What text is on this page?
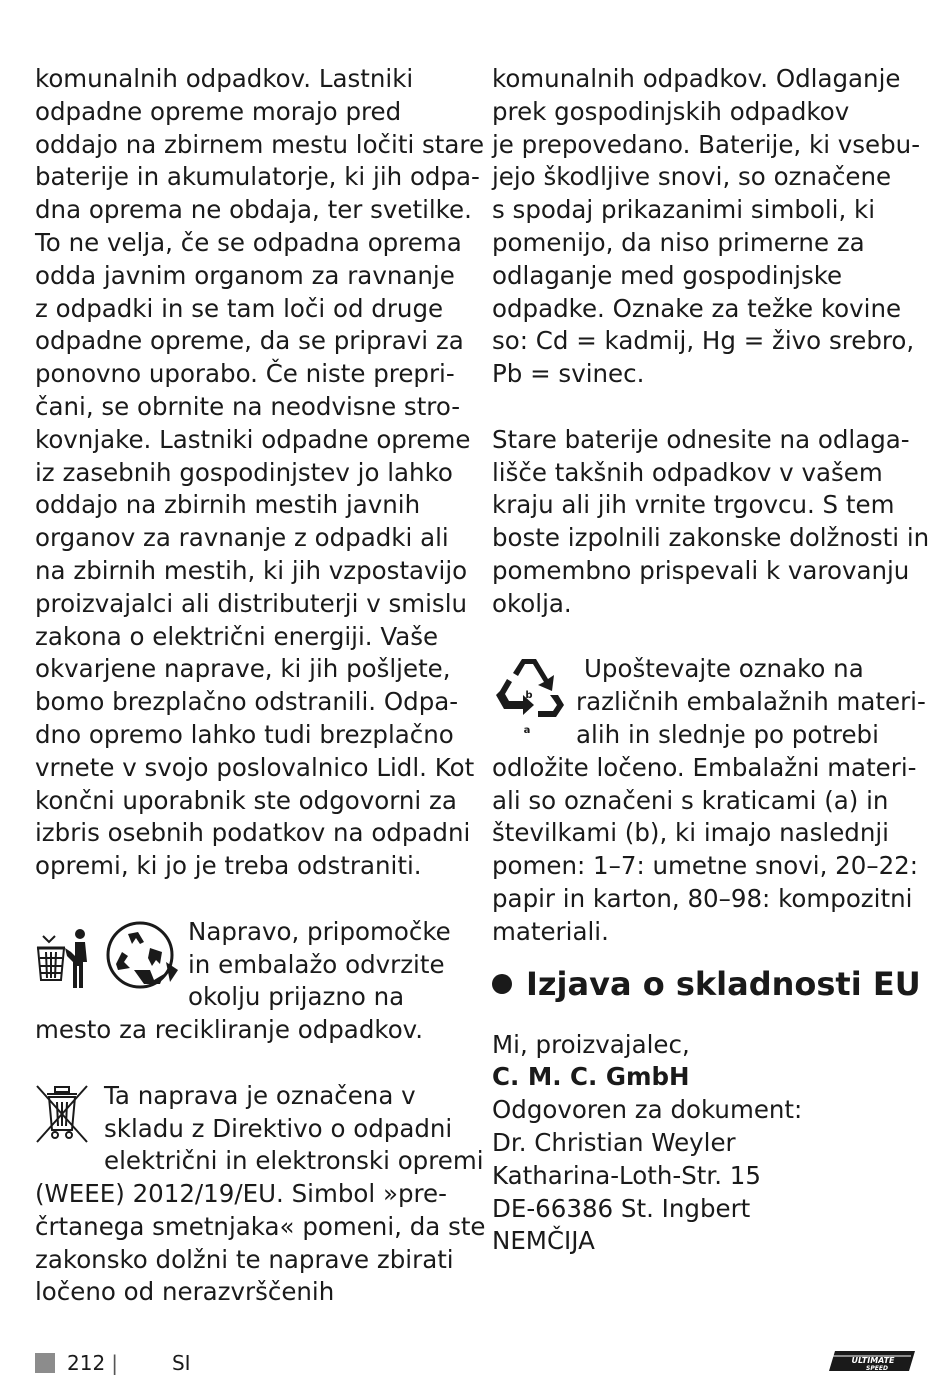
komunalnih odpadkov. Lastniki
odpadne opreme morajo pred
oddajo na zbirnem mestu ločiti stare
baterije in akumulatorje, ki jih odpa-
dna oprema ne obdaja, ter svetilke.
To ne velja, če se odpadna oprema
odda javnim organom za ravnanje
z odpadki in se tam loči od druge
odpadne opreme, da se pripravi za
ponovno uporabo. Če niste prepri-
čani, se obrnite na neodvisne stro-
kovnjake. Lastniki odpadne opreme
iz zasebnih gospodinjstev jo lahko
oddajo na zbirnih mestih javnih
organov za ravnanje z odpadki ali
na zbirnih mestih, ki jih vzpostavijo
proizvajalci ali distributerji v smislu
zakona o električni energiji. Vaše
okvarjene naprave, ki jih pošljete,
bomo brezplačno odstranili. Odpa-
dno opremo lahko tudi brezplačno
vrnete v svojo poslovalnico Lidl. Kot
končni uporabnik ste odgovorni za
izbris osebnih podatkov na odpadni
opremi, ki jo je treba odstraniti.
Napravo, pripomočke
in embalažo odvrzite
okolju prijazno na
mesto za recikliranje odpadkov.
Ta naprava je označena v
skladu z Direktivo o odpadni
električni in elektronski opremi
(WEEE) 2012/19/EU. Simbol »pre-
črtanega smetnjaka« pomeni, da ste
zakonsko dolžni te naprave zbirati
ločeno od nerazvrščenih
komunalnih odpadkov. Odlaganje
prek gospodinjskih odpadkov
je prepovedano. Baterije, ki vsebu-
jejo škodljive snovi, so označene
s spodaj prikazanimi simboli, ki
pomenijo, da niso primerne za
odlaganje med gospodinjske
odpadke. Oznake za težke kovine
so: Cd = kadmij, Hg = živo srebro,
Pb = svinec.
Stare baterije odnesite na odlaga-
lišče takšnih odpadkov v vašem
kraju ali jih vrnite trgovcu. S tem
boste izpolnili zakonske dolžnosti in
pomembno prispevali k varovanju
okolja.
b
a
Upoštevajte oznako na
različnih embalažnih materi-
alih in slednje po potrebi
odložite ločeno. Embalažni materi-
ali so označeni s kraticami (a) in
številkami (b), ki imajo naslednji
pomen: 1–7: umetne snovi, 20–22:
papir in karton, 80–98: kompozitni
materiali.
Izjava o skladnosti EU
Mi, proizvajalec,
C. M. C. GmbH
Odgovoren za dokument:
Dr. Christian Weyler
Katharina-Loth-Str. 15
DE-66386 St. Ingbert
NEMČIJA
212 |	SI	ULTIMATE
SPEED
